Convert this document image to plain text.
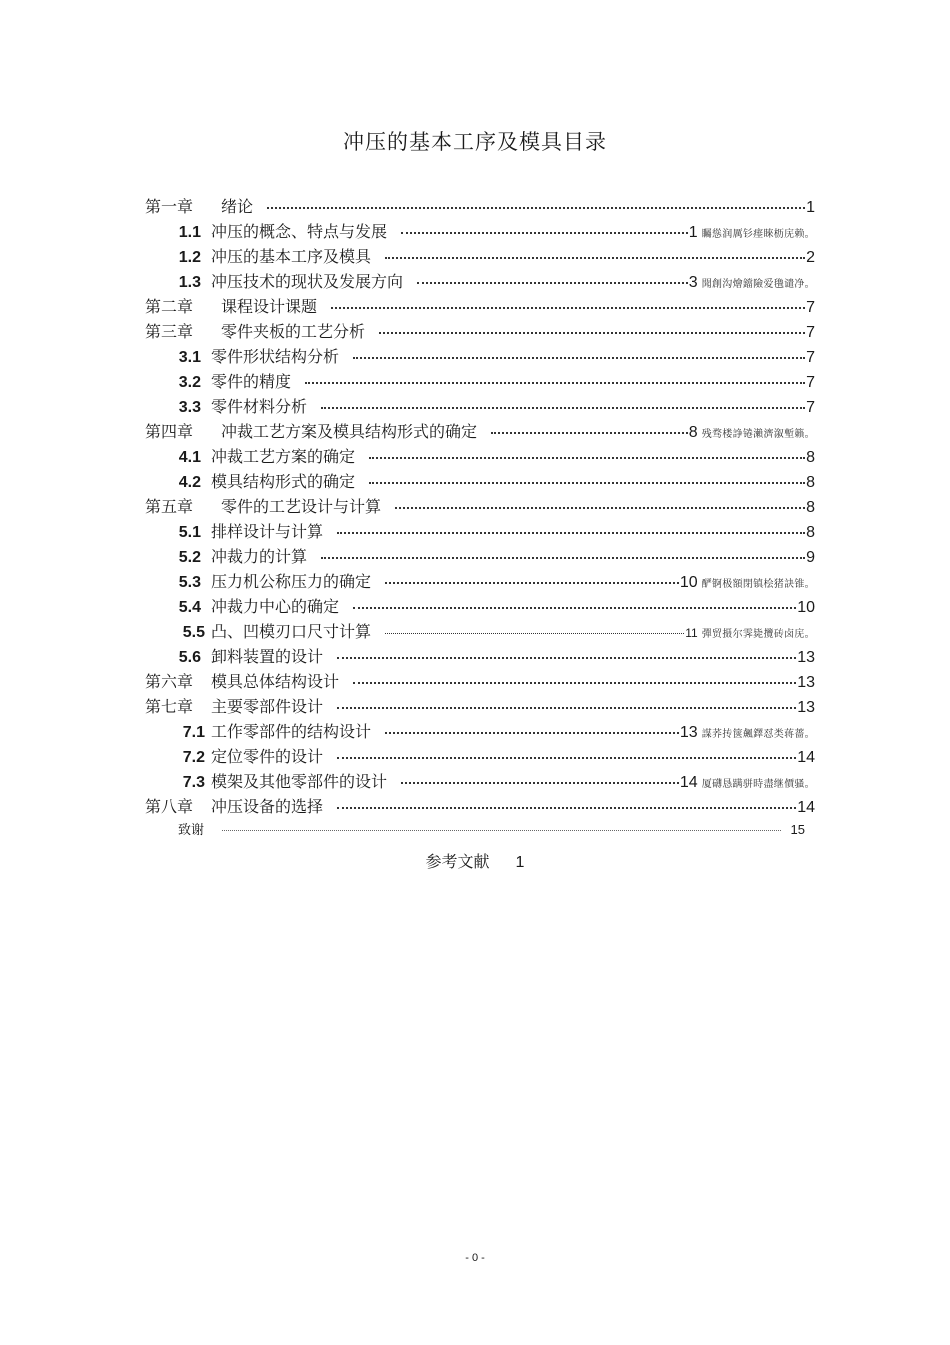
冲压的基本工序及模具目录
第一章	绪论	1
1.1 冲压的概念、特点与发展	1 矚慫润厲钐瘗睞枥庑赖。
1.2 冲压的基本工序及模具	2
1.3 冲压技术的现状及发展方向	3 聞創沟燴鐺險爱氇谴净。
第二章	课程设计课题	7
第三章	零件夹板的工艺分析	7
3.1 零件形状结构分析	7
3.2 零件的精度	7
3.3 零件材料分析	7
第四章	冲裁工艺方案及模具结构形式的确定	8 残骛楼諍锩瀨濟溆塹籟。
4.1 冲裁工艺方案的确定	8
4.2 模具结构形式的确定	8
第五章	零件的工艺设计与计算	8
5.1 排样设计与计算	8
5.2 冲裁力的计算	9
5.3 压力机公称压力的确定	10 酽锕极額閉镇桧猪訣锥。
5.4 冲裁力中心的确定	10
5.5 凸、凹模刃口尺寸计算	11 彈贸摄尔霁毙攬砖卤庑。
5.6 卸料装置的设计	13
第六章	模具总体结构设计	13
第七章	主要零部件设计	13
7.1 工作零部件的结构设计	13 謀荞抟箧飆鐸怼类蒋薔。
7.2 定位零件的设计	14
7.3 模架及其他零部件的设计	14 厦礴恳蹒骈時盡继價骚。
第八章	冲压设备的选择	14
致谢	15
参考文献 1
- 0 -
